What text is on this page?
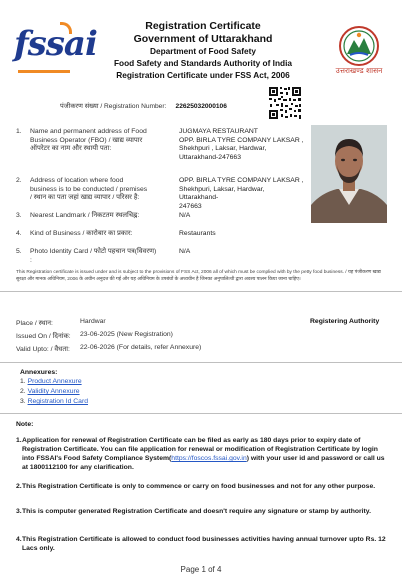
fssai	Registration Certificate
Government of Uttarakhand
Department of Food Safety
Food Safety and Standards Authority of India
Registration Certificate under FSS Act, 2006	उत्तराखण्ड शासन
पंजीकरण संख्या / Registration Number: 22625032000106
1. Name and permanent address of Food Business Operator (FBO) / खाद्य व्यापार ऑपरेटर का नाम और स्थायी पता:
JUGMAYA RESTAURANT
OPP. BIRLA TYRE COMPANY LAKSAR ,
Shekhpuri , Laksar, Hardwar,
Uttarakhand-247663
2. Address of location where food business is to be conducted / premises / स्थान का पता जहां खाद्य व्यापार / परिसर है:
OPP. BIRLA TYRE COMPANY LAKSAR ,
Shekhpuri, Laksar, Hardwar, Uttarakhand-
247663
3. Nearest Landmark / निकटतम स्थलचिह्न:	N/A
4. Kind of Business / कारोबार का प्रकार:	Restaurants
5. Photo Identity Card / फोटो पहचान पत्र(विवरण) :
N/A
This Registration certificate is issued under and is subject to the provisions of FSS Act, 2006 all of which must be complied with by the petty food business. / यह पंजीकरण खाद्य सुरक्षा और मानक अधिनियम, 2006 के अधीन अनुदत्त की गई और यह अधिनियम के उपबंधों के अध्यधीन है जिनका अनुपालित्थी द्वारा अवश्य पालन किया जाना चाहिए।
Place / स्थान:	Hardwar
Issued On / दिनांक: 23-06-2025 (New Registration)
Valid Upto: / वैधता: 22-06-2026 (For details, refer Annexure)
Registering Authority
Annexures:
1. Product Annexure
2. Validity Annexure
3. Registration Id Card
Note:
1. Application for renewal of Registration Certificate can be filed as early as 180 days prior to expiry date of Registration Certificate. You can file application for renewal or modification of Registration Certificate by login into FSSAI's Food Safety Compliance System(https://foscos.fssai.gov.in) with your user id and password or call us at 1800112100 for any clarification.
2. This Registration Certificate is only to commence or carry on food businesses and not for any other purpose.
3. This is computer generated Registration Certificate and doesn't require any signature or stamp by authority.
4. This Registration Certificate is allowed to conduct food businesses activities having annual turnover upto Rs. 12 Lacs only.
Page 1 of 4
